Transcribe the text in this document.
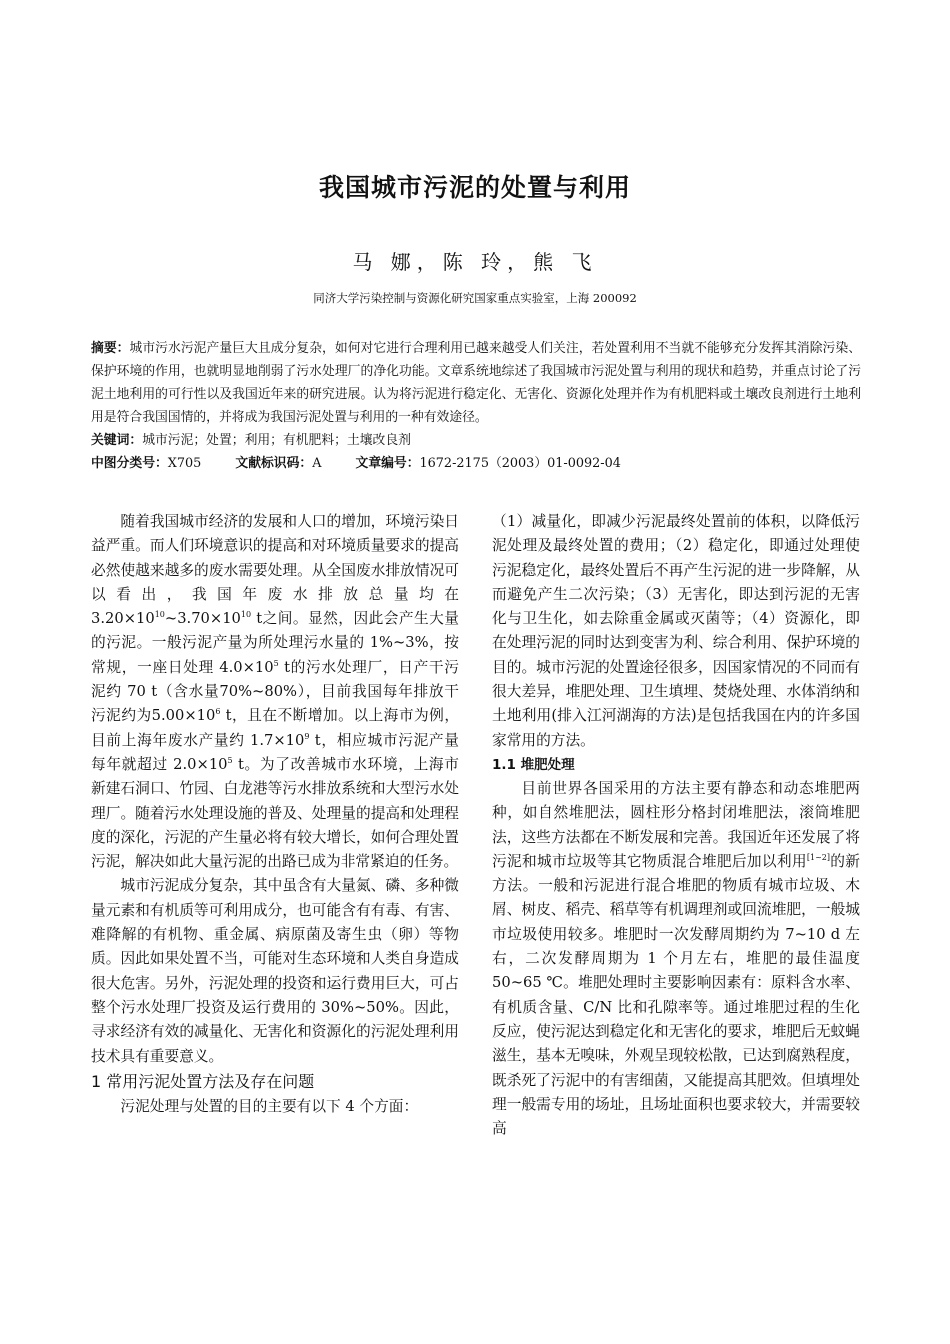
我国城市污泥的处置与利用
马 娜，陈 玲，熊 飞
同济大学污染控制与资源化研究国家重点实验室，上海 200092

摘要：城市污水污泥产量巨大且成分复杂，如何对它进行合理利用已越来越受人们关注，若处置利用不当就不能够充分发挥其消除污染、保护环境的作用，也就明显地削弱了污水处理厂的净化功能。文章系统地综述了我国城市污泥处置与利用的现状和趋势，并重点讨论了污泥土地利用的可行性以及我国近年来的研究进展。认为将污泥进行稳定化、无害化、资源化处理并作为有机肥料或土壤改良剂进行土地利用是符合我国国情的，并将成为我国污泥处置与利用的一种有效途径。

关键词：城市污泥；处置；利用；有机肥料；土壤改良剂

中图分类号：X705	文献标识码：A	文章编号：1672-2175（2003）01-0092-04

随着我国城市经济的发展和人口的增加，环境污染日益严重。而人们环境意识的提高和对环境质量要求的提高必然使越来越多的废水需要处理。从全国废水排放情况可以看出，我国年废水排放总量均在 $3.20\times 10^{10}\sim 3.70\times 10^{10}$ t之间。显然，因此会产生大量的污泥。一般污泥产量为所处理污水量的 1%~3%，按常规，一座日处理 $4.0\times 10^5$ t的污水处理厂，日产干污泥约 70 t（含水量70%~80%），目前我国每年排放干污泥约为$5.00\times 10^6$ t，且在不断增加。以上海市为例，目前上海年废水产量约 $1.7\times 10^9$ t，相应城市污泥产量每年就超过 $2.0\times 10^5$ t。为了改善城市水环境，上海市新建石洞口、竹园、白龙港等污水排放系统和大型污水处理厂。随着污水处理设施的普及、处理量的提高和处理程度的深化，污泥的产生量必将有较大增长，如何合理处置污泥，解决如此大量污泥的出路已成为非常紧迫的任务。

城市污泥成分复杂，其中虽含有大量氮、磷、多种微量元素和有机质等可利用成分，也可能含有有毒、有害、难降解的有机物、重金属、病原菌及寄生虫（卵）等物质。因此如果处置不当，可能对生态环境和人类自身造成很大危害。另外，污泥处理的投资和运行费用巨大，可占整个污水处理厂投资及运行费用的 30%~50%。因此，寻求经济有效的减量化、无害化和资源化的污泥处理利用技术具有重要意义。

1 常用污泥处置方法及存在问题

污泥处理与处置的目的主要有以下 4 个方面：

（1）减量化，即减少污泥最终处置前的体积，以降低污泥处理及最终处置的费用；（2）稳定化，即通过处理使污泥稳定化，最终处置后不再产生污泥的进一步降解，从而避免产生二次污染；（3）无害化，即达到污泥的无害化与卫生化，如去除重金属或灭菌等；（4）资源化，即在处理污泥的同时达到变害为利、综合利用、保护环境的目的。城市污泥的处置途径很多，因国家情况的不同而有很大差异，堆肥处理、卫生填埋、焚烧处理、水体消纳和土地利用(排入江河湖海的方法)是包括我国在内的许多国家常用的方法。

1.1 堆肥处理

目前世界各国采用的方法主要有静态和动态堆肥两种，如自然堆肥法，圆柱形分格封闭堆肥法，滚筒堆肥法，这些方法都在不断发展和完善。我国近年还发展了将污泥和城市垃圾等其它物质混合堆肥后加以利用[1~2]的新方法。一般和污泥进行混合堆肥的物质有城市垃圾、木屑、树皮、稻壳、稻草等有机调理剂或回流堆肥，一般城市垃圾使用较多。堆肥时一次发酵周期约为 7~10 d 左右，二次发酵周期为 1 个月左右，堆肥的最佳温度50~65 ℃。堆肥处理时主要影响因素有：原料含水率、有机质含量、C/N 比和孔隙率等。通过堆肥过程的生化反应，使污泥达到稳定化和无害化的要求，堆肥后无蚊蝇滋生，基本无嗅味，外观呈现较松散，已达到腐熟程度，既杀死了污泥中的有害细菌，又能提高其肥效。但填埋处理一般需专用的场址，且场址面积也要求较大，并需要较高
